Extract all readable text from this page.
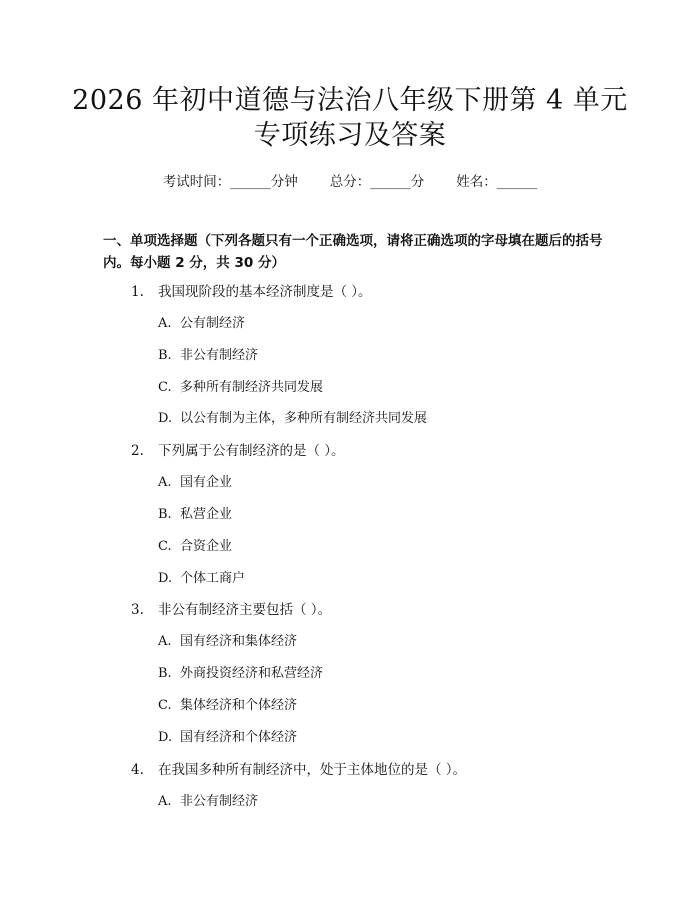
2026 年初中道德与法治八年级下册第 4 单元
专项练习及答案
考试时间：______分钟 总分：______分 姓名：______
一、单项选择题（下列各题只有一个正确选项，请将正确选项的字母填在题后的括号内。每小题 2 分，共 30 分）
1. 我国现阶段的基本经济制度是（ ）。
A. 公有制经济
B. 非公有制经济
C. 多种所有制经济共同发展
D. 以公有制为主体，多种所有制经济共同发展
2. 下列属于公有制经济的是（ ）。
A. 国有企业
B. 私营企业
C. 合资企业
D. 个体工商户
3. 非公有制经济主要包括（ ）。
A. 国有经济和集体经济
B. 外商投资经济和私营经济
C. 集体经济和个体经济
D. 国有经济和个体经济
4. 在我国多种所有制经济中，处于主体地位的是（ ）。
A. 非公有制经济
